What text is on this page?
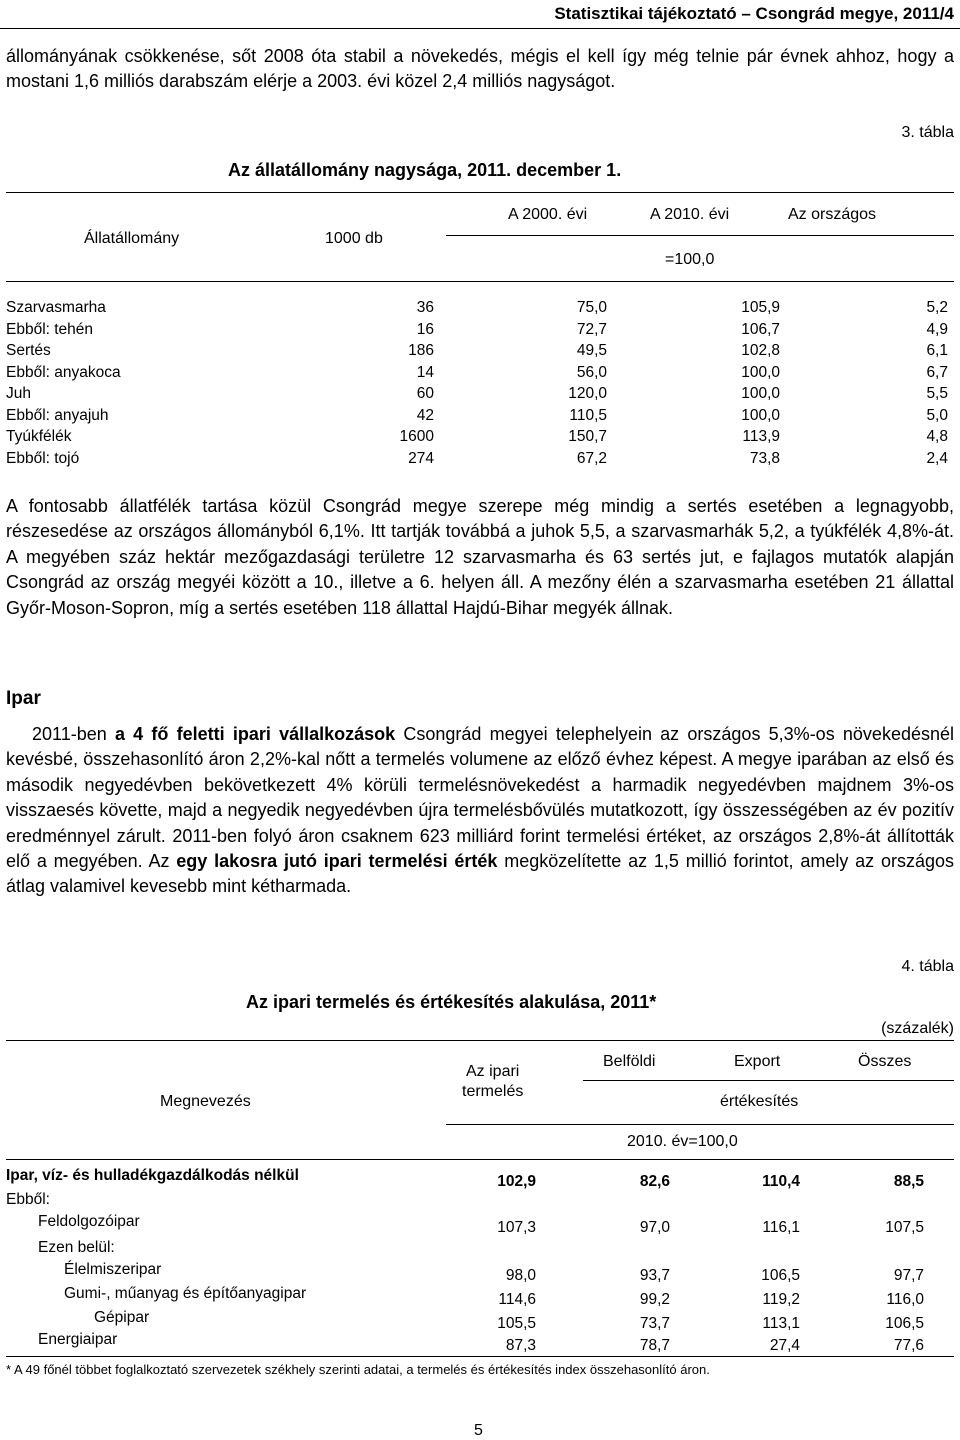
Statisztikai tájékoztató – Csongrád megye, 2011/4

állományának csökkenése, sőt 2008 óta stabil a növekedés, mégis el kell így még telnie pár évnek ahhoz, hogy a mostani 1,6 milliós darabszám elérje a 2003. évi közel 2,4 milliós nagyságot.

3. tábla
Az állatállomány nagysága, 2011. december 1.
Állatállomány	1000 db
A 2000. évi	A 2010. évi	Az országos
=100,0
Szarvasmarha	36	75,0	105,9	5,2
Ebből: tehén	16	72,7	106,7	4,9
Sertés	186	49,5	102,8	6,1
Ebből: anyakoca	14	56,0	100,0	6,7
Juh	60	120,0	100,0	5,5
Ebből: anyajuh	42	110,5	100,0	5,0
Tyúkfélék	1600	150,7	113,9	4,8
Ebből: tojó	274	67,2	73,8	2,4

A fontosabb állatfélék tartása közül Csongrád megye szerepe még mindig a sertés esetében a legnagyobb, részesedése az országos állományból 6,1%. Itt tartják továbbá a juhok 5,5, a szarvasmarhák 5,2, a tyúkfélék 4,8%-át. A megyében száz hektár mezőgazdasági területre 12 szarvasmarha és 63 sertés jut, e fajlagos mutatók alapján Csongrád az ország megyéi között a 10., illetve a 6. helyen áll. A mezőny élén a szarvasmarha esetében 21 állattal Győr-Moson-Sopron, míg a sertés esetében 118 állattal Hajdú-Bihar megyék állnak.

Ipar

2011-ben a 4 fő feletti ipari vállalkozások Csongrád megyei telephelyein az országos 5,3%-os növekedésnél kevésbé, összehasonlító áron 2,2%-kal nőtt a termelés volumene az előző évhez képest. A megye iparában az első és második negyedévben bekövetkezett 4% körüli termelésnövekedést a harmadik negyedévben majdnem 3%-os visszaesés követte, majd a negyedik negyedévben újra termelésbővülés mutatkozott, így összességében az év pozitív eredménnyel zárult. 2011-ben folyó áron csaknem 623 milliárd forint termelési értéket, az országos 2,8%-át állították elő a megyében. Az egy lakosra jutó ipari termelési érték megközelítette az 1,5 millió forintot, amely az országos átlag valamivel kevesebb mint kétharmada.

4. tábla
Az ipari termelés és értékesítés alakulása, 2011*
(százalék)
Megnevezés
Az ipari
termelés
Belföldi	Export	Összes
értékesítés
2010. év=100,0
Ipar, víz- és hulladékgazdálkodás nélkül	102,9	82,6	110,4	88,5
Ebből:
Feldolgozóipar	107,3	97,0	116,1	107,5
Ezen belül:
Élelmiszeripar	98,0	93,7	106,5	97,7
Gumi-, műanyag és építőanyagipar	114,6	99,2	119,2	116,0
Gépipar	105,5	73,7	113,1	106,5
Energiaipar	87,3	78,7	27,4	77,6
* A 49 főnél többet foglalkoztató szervezetek székhely szerinti adatai, a termelés és értékesítés index összehasonlító áron.
5
